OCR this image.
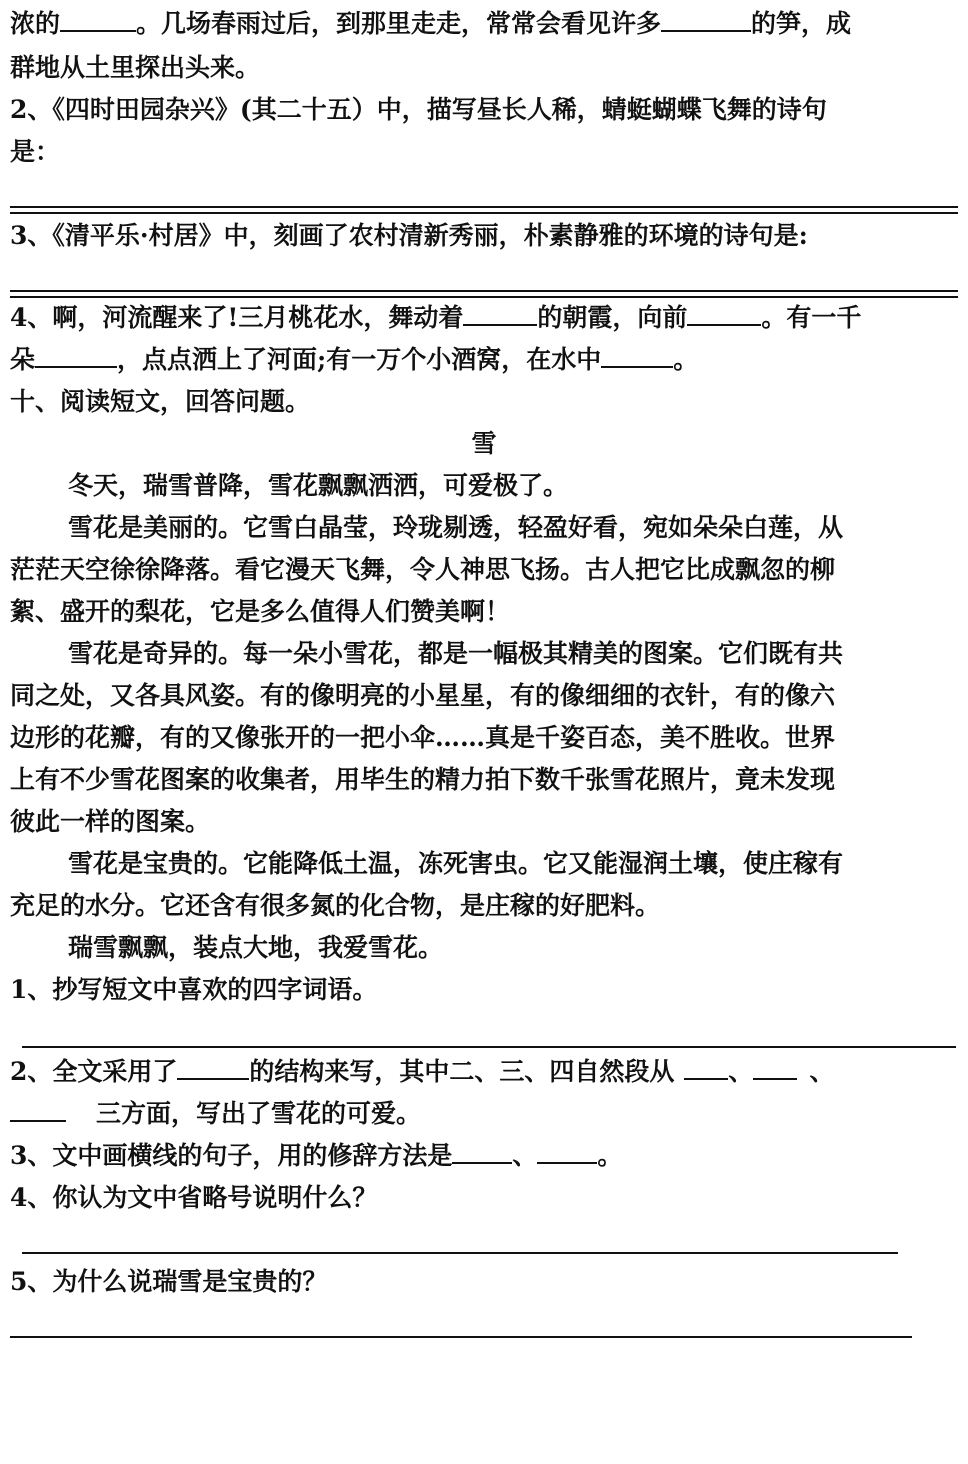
浓的	。几场春雨过后，到那里走走，常常会看见许多	的笋，成
群地从土里探出头来。
2、《四时田园杂兴》(其二十五）中，描写昼长人稀，蜻蜓蝴蝶飞舞的诗句
是：
3、《清平乐·村居》中，刻画了农村清新秀丽，朴素静雅的环境的诗句是:
4、啊，河流醒来了!三月桃花水，舞动着	的朝霞，向前	。有一千
朵	，点点洒上了河面;有一万个小酒窝，在水中	。
十、阅读短文，回答问题。
雪
冬天，瑞雪普降，雪花飘飘洒洒，可爱极了。
雪花是美丽的。它雪白晶莹，玲珑剔透，轻盈好看，宛如朵朵白莲，从
茫茫天空徐徐降落。看它漫天飞舞，令人神思飞扬。古人把它比成飘忽的柳
絮、盛开的梨花，它是多么值得人们赞美啊！
雪花是奇异的。每一朵小雪花，都是一幅极其精美的图案。它们既有共
同之处，又各具风姿。有的像明亮的小星星，有的像细细的衣针，有的像六
边形的花瓣，有的又像张开的一把小伞……真是千姿百态，美不胜收。世界
上有不少雪花图案的收集者，用毕生的精力拍下数千张雪花照片，竟未发现
彼此一样的图案。
雪花是宝贵的。它能降低土温，冻死害虫。它又能湿润土壤，使庄稼有
充足的水分。它还含有很多氮的化合物，是庄稼的好肥料。
瑞雪飘飘，装点大地，我爱雪花。
1、抄写短文中喜欢的四字词语。
2、全文采用了	的结构来写，其中二、三、四自然段从 、 、
三方面，写出了雪花的可爱。
3、文中画横线的句子，用的修辞方法是 、 。
4、你认为文中省略号说明什么？
5、为什么说瑞雪是宝贵的？
